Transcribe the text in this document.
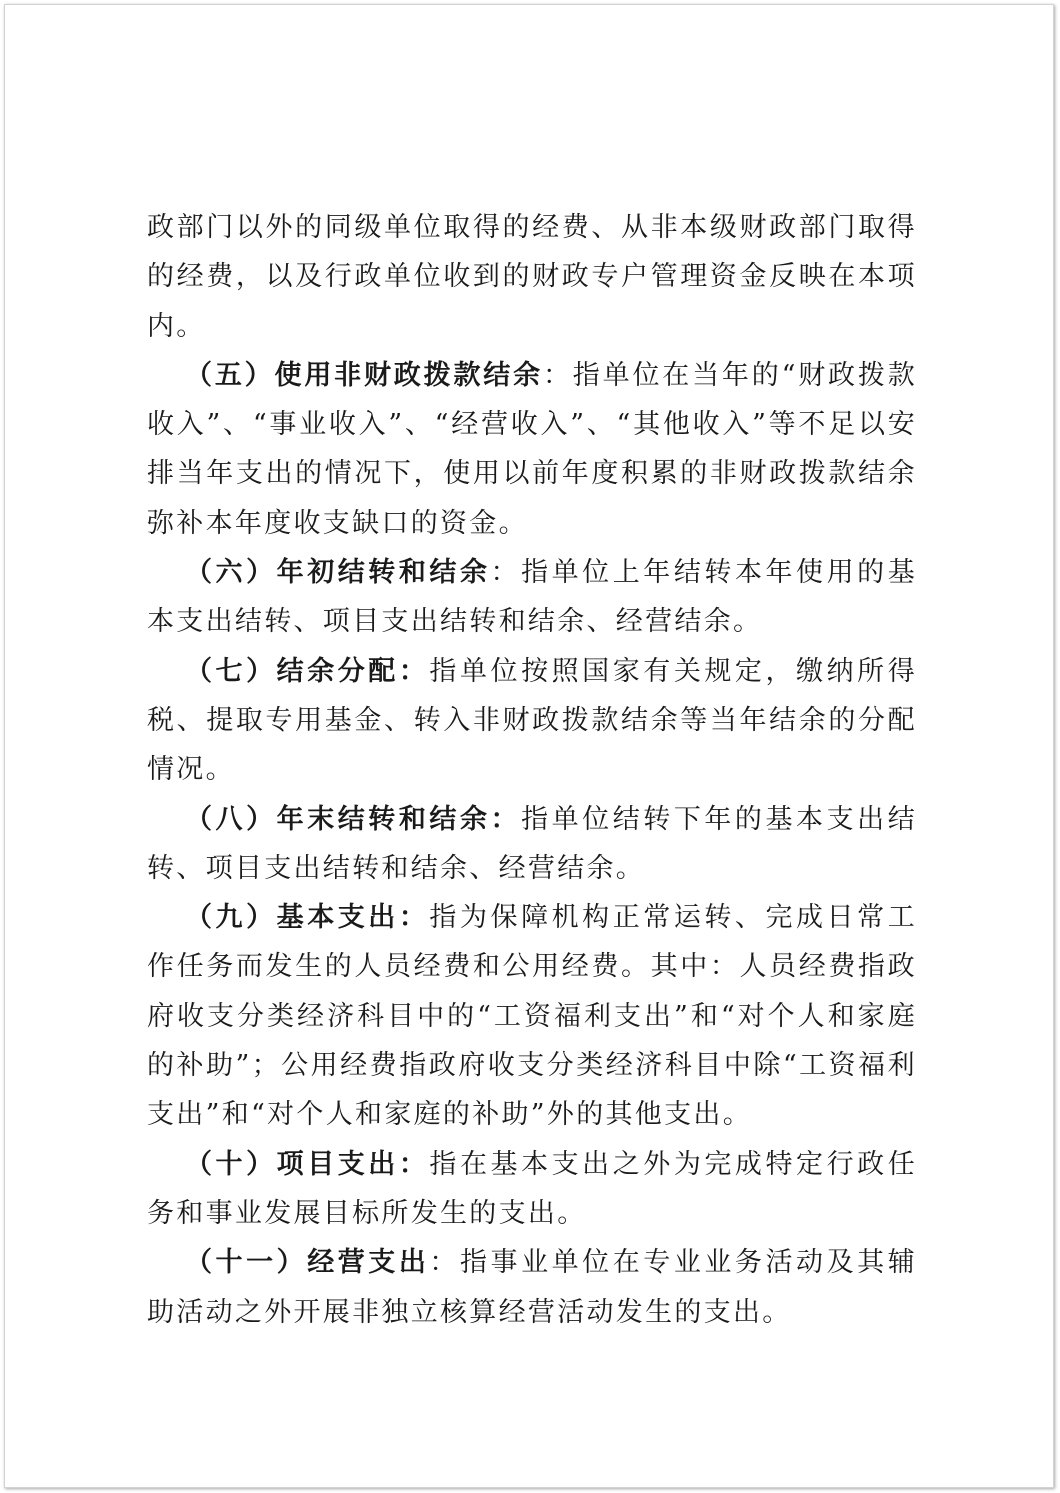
政部门以外的同级单位取得的经费、从非本级财政部门取得的经费，以及行政单位收到的财政专户管理资金反映在本项内。

（五）使用非财政拨款结余：指单位在当年的“财政拨款收入”、“事业收入”、“经营收入”、“其他收入”等不足以安排当年支出的情况下，使用以前年度积累的非财政拨款结余弥补本年度收支缺口的资金。

（六）年初结转和结余：指单位上年结转本年使用的基本支出结转、项目支出结转和结余、经营结余。

（七）结余分配：指单位按照国家有关规定，缴纳所得税、提取专用基金、转入非财政拨款结余等当年结余的分配情况。

（八）年末结转和结余：指单位结转下年的基本支出结转、项目支出结转和结余、经营结余。

（九）基本支出：指为保障机构正常运转、完成日常工作任务而发生的人员经费和公用经费。其中：人员经费指政府收支分类经济科目中的“工资福利支出”和“对个人和家庭的补助”；公用经费指政府收支分类经济科目中除“工资福利支出”和“对个人和家庭的补助”外的其他支出。

（十）项目支出：指在基本支出之外为完成特定行政任务和事业发展目标所发生的支出。

（十一）经营支出：指事业单位在专业业务活动及其辅助活动之外开展非独立核算经营活动发生的支出。
